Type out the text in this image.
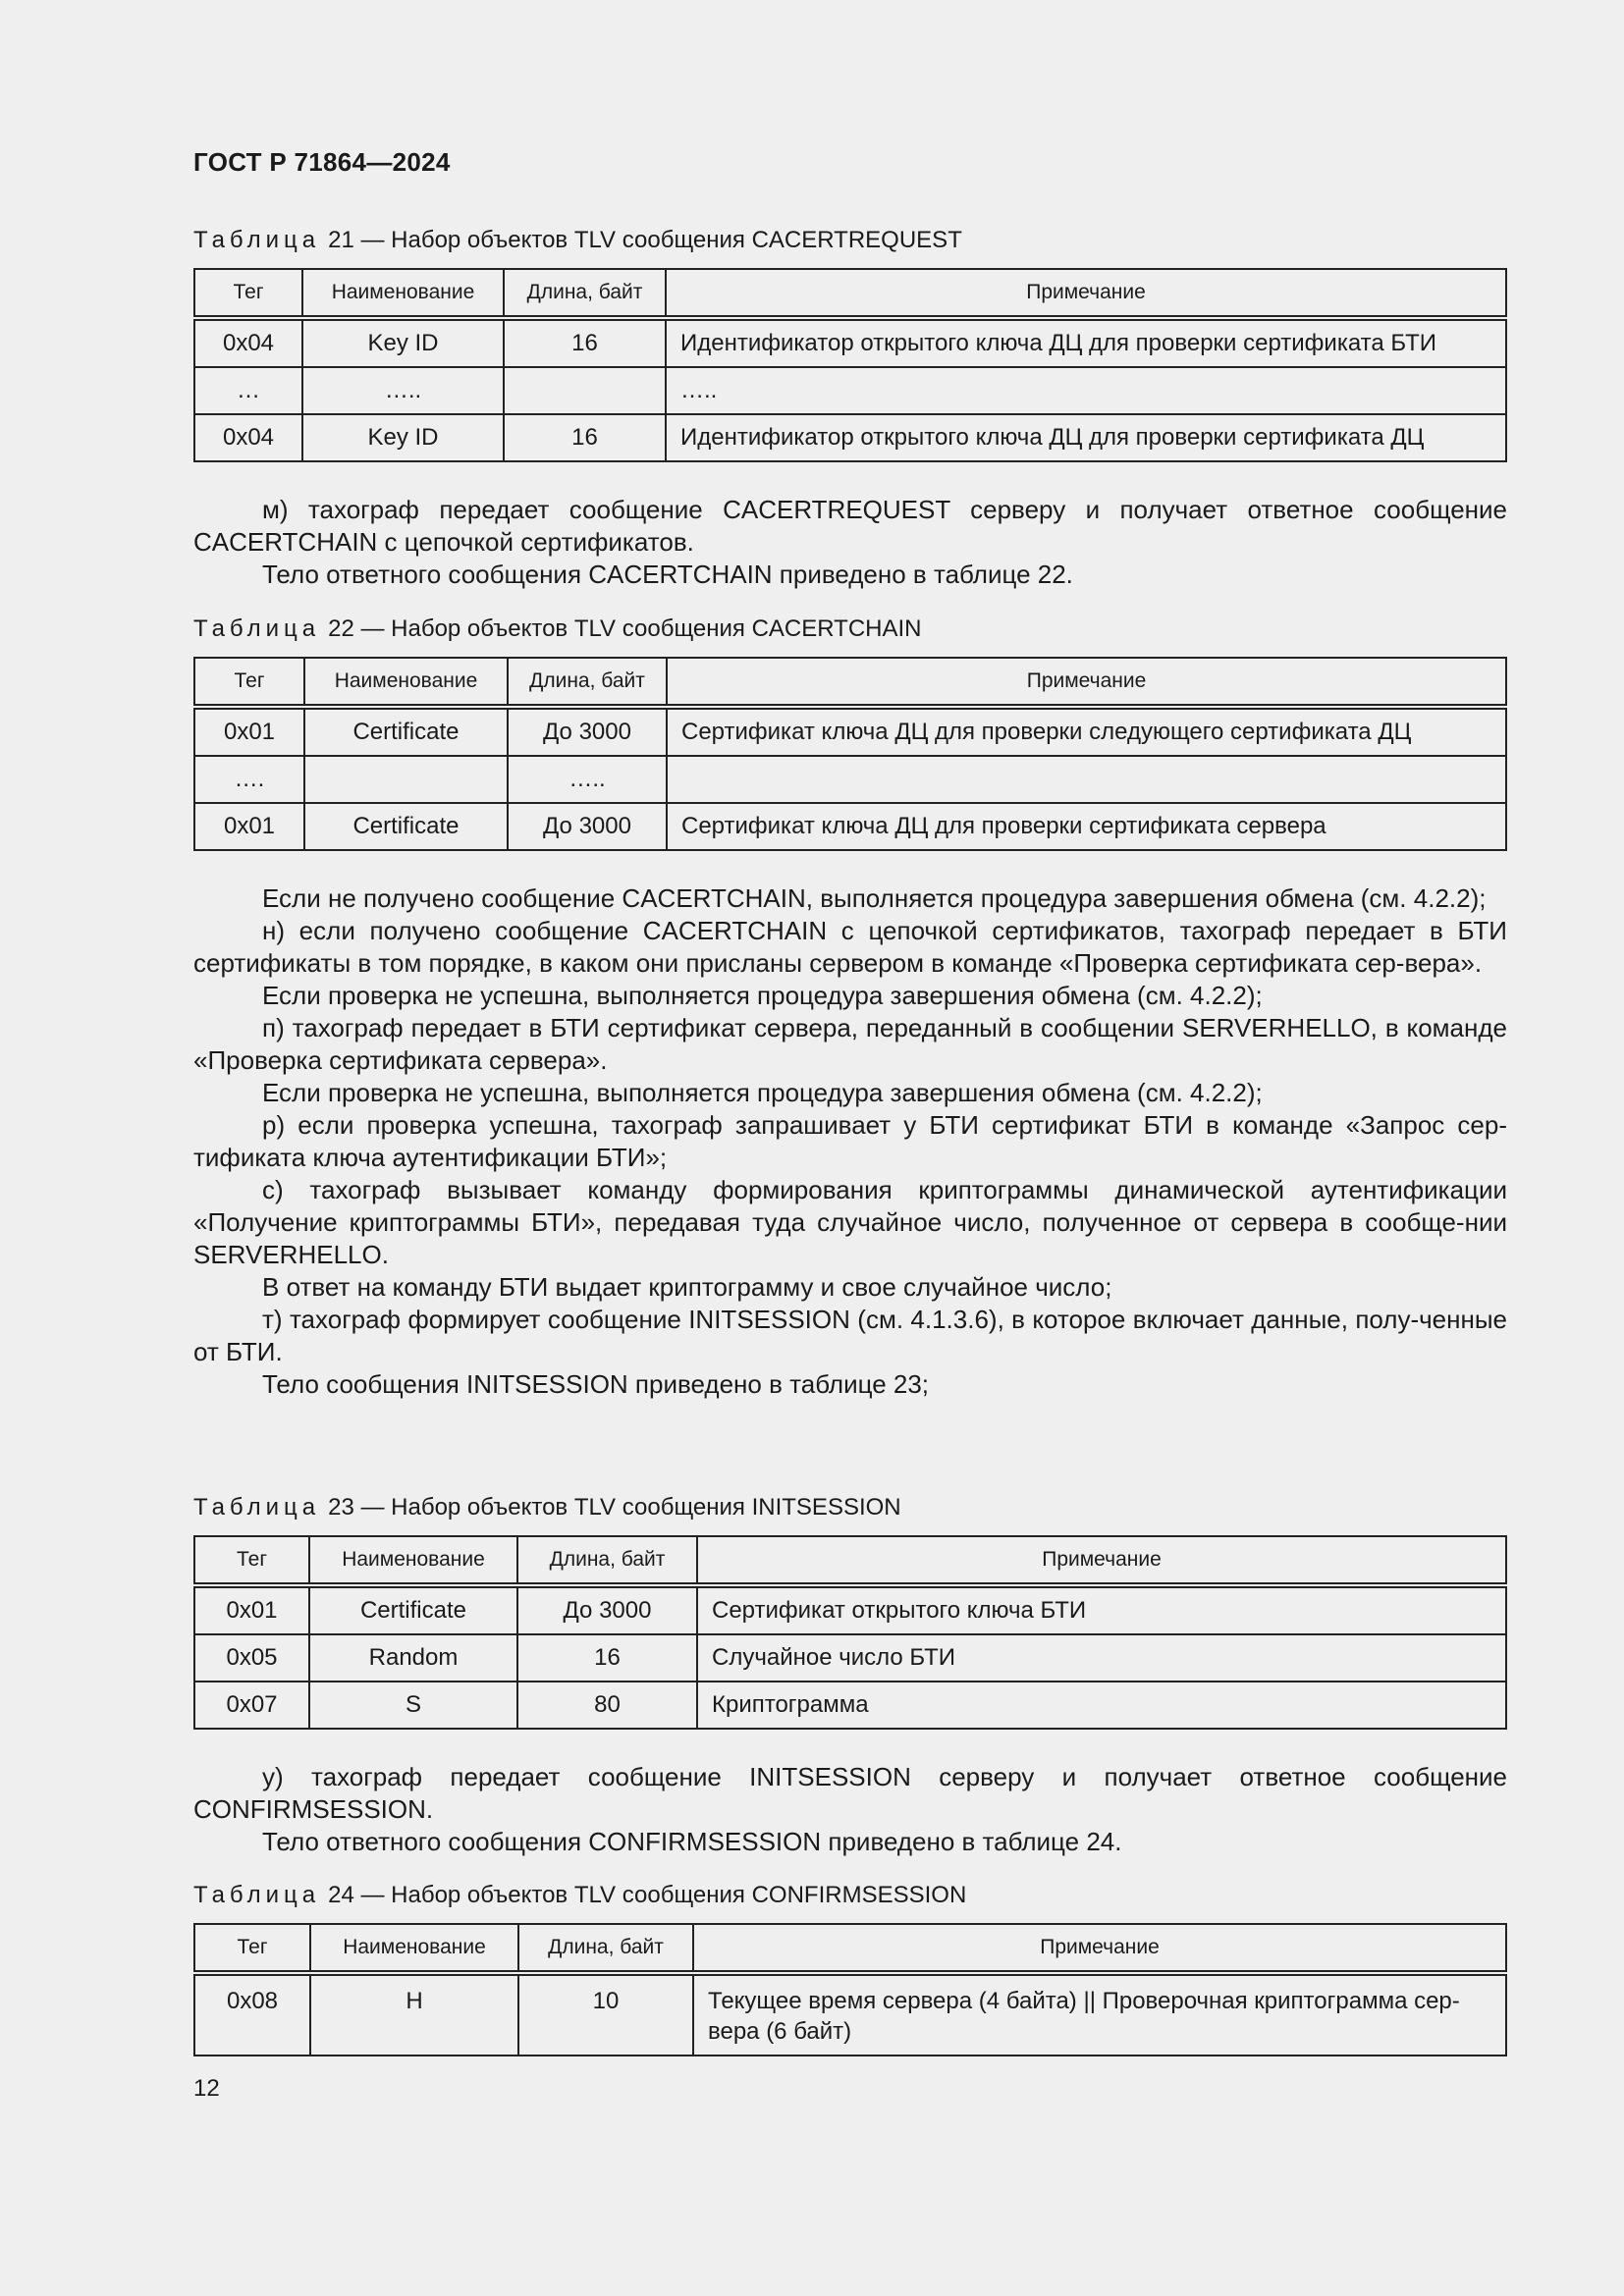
ГОСТ Р 71864—2024
Таблица 21 — Набор объектов TLV сообщения CACERTREQUEST
Тег	Наименование	Длина, байт	Примечание
0x04	Key ID	16	Идентификатор открытого ключа ДЦ для проверки сертификата БТИ
…	…..		…..
0x04	Key ID	16	Идентификатор открытого ключа ДЦ для проверки сертификата ДЦ

м) тахограф передает сообщение CACERTREQUEST серверу и получает ответное сообщение CACERTCHAIN с цепочкой сертификатов.

Тело ответного сообщения CACERTCHAIN приведено в таблице 22.

Таблица 22 — Набор объектов TLV сообщения CACERTCHAIN
Тег	Наименование	Длина, байт	Примечание
0x01	Certificate	До 3000	Сертификат ключа ДЦ для проверки следующего сертификата ДЦ
….		…..	
0x01	Certificate	До 3000	Сертификат ключа ДЦ для проверки сертификата сервера

Если не получено сообщение CACERTCHAIN, выполняется процедура завершения обмена (см. 4.2.2);

н) если получено сообщение CACERTCHAIN с цепочкой сертификатов, тахограф передает в БТИ сертификаты в том порядке, в каком они присланы сервером в команде «Проверка сертификата сер-вера».

Если проверка не успешна, выполняется процедура завершения обмена (см. 4.2.2);

п) тахограф передает в БТИ сертификат сервера, переданный в сообщении SERVERHELLO, в команде «Проверка сертификата сервера».

Если проверка не успешна, выполняется процедура завершения обмена (см. 4.2.2);

р) если проверка успешна, тахограф запрашивает у БТИ сертификат БТИ в команде «Запрос сер-тификата ключа аутентификации БТИ»;

с) тахограф вызывает команду формирования криптограммы динамической аутентификации «Получение криптограммы БТИ», передавая туда случайное число, полученное от сервера в сообще-нии SERVERHELLO.

В ответ на команду БТИ выдает криптограмму и свое случайное число;

т) тахограф формирует сообщение INITSESSION (см. 4.1.3.6), в которое включает данные, полу-ченные от БТИ.

Тело сообщения INITSESSION приведено в таблице 23;

Таблица 23 — Набор объектов TLV сообщения INITSESSION
Тег	Наименование	Длина, байт	Примечание
0x01	Certificate	До 3000	Сертификат открытого ключа БТИ
0x05	Random	16	Случайное число БТИ
0x07	S	80	Криптограмма

у) тахограф передает сообщение INITSESSION серверу и получает ответное сообщение CONFIRMSESSION.

Тело ответного сообщения CONFIRMSESSION приведено в таблице 24.

Таблица 24 — Набор объектов TLV сообщения CONFIRMSESSION
Тег	Наименование	Длина, байт	Примечание
0x08	H	10	Текущее время сервера (4 байта) || Проверочная криптограмма сер-вера (6 байт)
12
